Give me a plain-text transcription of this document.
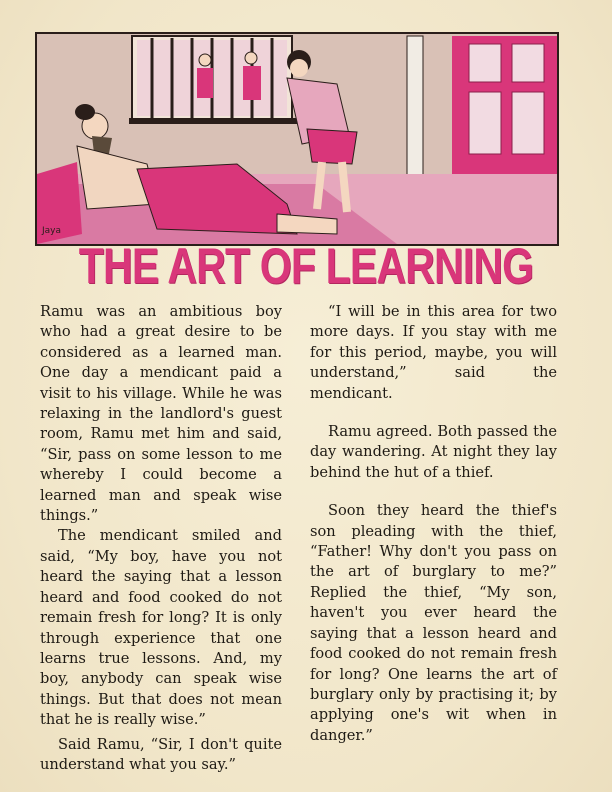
Jaya
THE ART OF LEARNING

Ramu was an ambitious boy who had a great desire to be considered as a learned man. One day a mendicant paid a visit to his village. While he was relaxing in the landlord's guest room, Ramu met him and said, “Sir, pass on some lesson to me whereby I could become a learned man and speak wise things.”

The mendicant smiled and said, “My boy, have you not heard the saying that a lesson heard and food cooked do not remain fresh for long? It is only through experience that one learns true lessons. And, my boy, anybody can speak wise things. But that does not mean that he is really wise.”

Said Ramu, “Sir, I don't quite understand what you say.”

“I will be in this area for two more days. If you stay with me for this period, maybe, you will understand,” said the mendicant.

Ramu agreed. Both passed the day wandering. At night they lay behind the hut of a thief.

Soon they heard the thief's son pleading with the thief, “Father! Why don't you pass on the art of burglary to me?” Replied the thief, “My son, haven't you ever heard the saying that a lesson heard and food cooked do not remain fresh for long? One learns the art of burglary only by practising it; by applying one's wit when in danger.”
